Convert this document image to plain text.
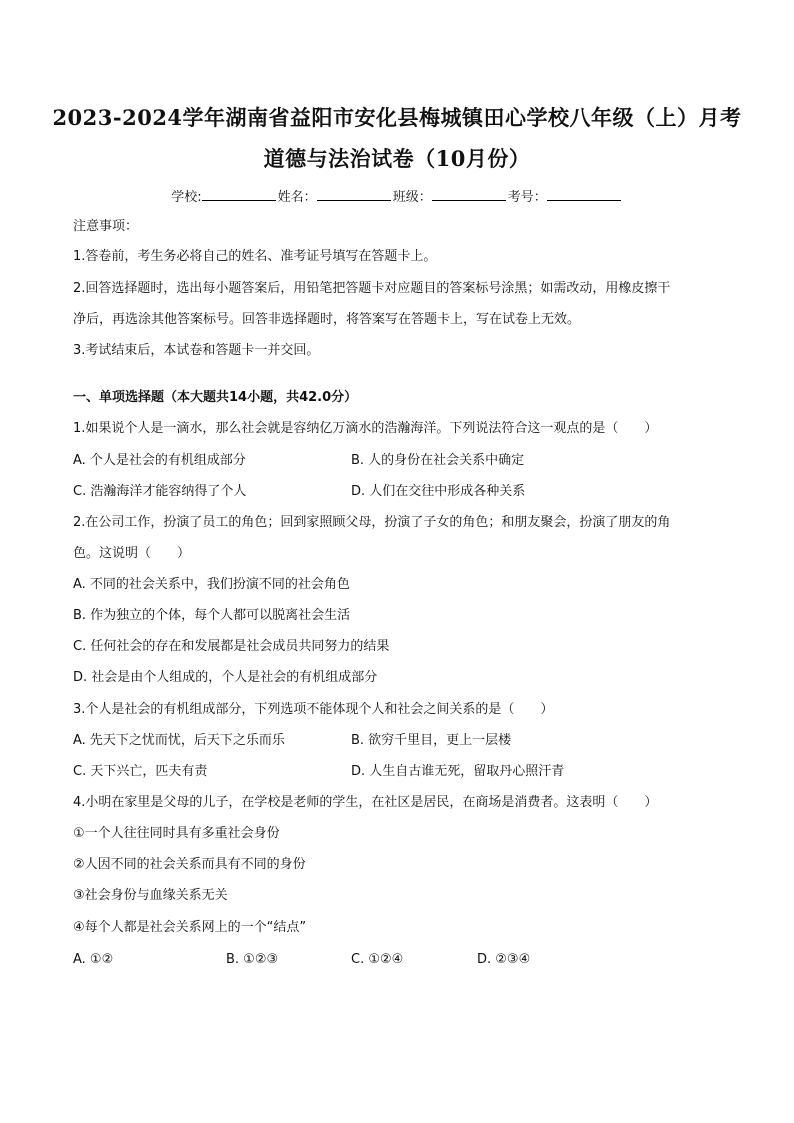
2023-2024学年湖南省益阳市安化县梅城镇田心学校八年级（上）月考
道德与法治试卷（10月份）
学校:	姓名：	班级：	考号：
注意事项：
1.答卷前，考生务必将自己的姓名、准考证号填写在答题卡上。
2.回答选择题时，选出每小题答案后，用铅笔把答题卡对应题目的答案标号涂黑；如需改动，用橡皮擦干
净后，再选涂其他答案标号。回答非选择题时，将答案写在答题卡上，写在试卷上无效。
3.考试结束后，本试卷和答题卡一并交回。
一、单项选择题（本大题共14小题，共42.0分）
1.如果说个人是一滴水，那么社会就是容纳亿万滴水的浩瀚海洋。下列说法符合这一观点的是（　　）
A. 个人是社会的有机组成部分	B. 人的身份在社会关系中确定
C. 浩瀚海洋才能容纳得了个人	D. 人们在交往中形成各种关系
2.在公司工作，扮演了员工的角色；回到家照顾父母，扮演了子女的角色；和朋友聚会，扮演了朋友的角
色。这说明（　　）
A. 不同的社会关系中，我们扮演不同的社会角色
B. 作为独立的个体，每个人都可以脱离社会生活
C. 任何社会的存在和发展都是社会成员共同努力的结果
D. 社会是由个人组成的，个人是社会的有机组成部分
3.个人是社会的有机组成部分，下列选项不能体现个人和社会之间关系的是（　　）
A. 先天下之忧而忧，后天下之乐而乐	B. 欲穷千里目，更上一层楼
C. 天下兴亡，匹夫有责	D. 人生自古谁无死，留取丹心照汗青
4.小明在家里是父母的儿子，在学校是老师的学生，在社区是居民，在商场是消费者。这表明（　　）
①一个人往往同时具有多重社会身份
②人因不同的社会关系而具有不同的身份
③社会身份与血缘关系无关
④每个人都是社会关系网上的一个“结点”
A. ①②	B. ①②③	C. ①②④	D. ②③④
